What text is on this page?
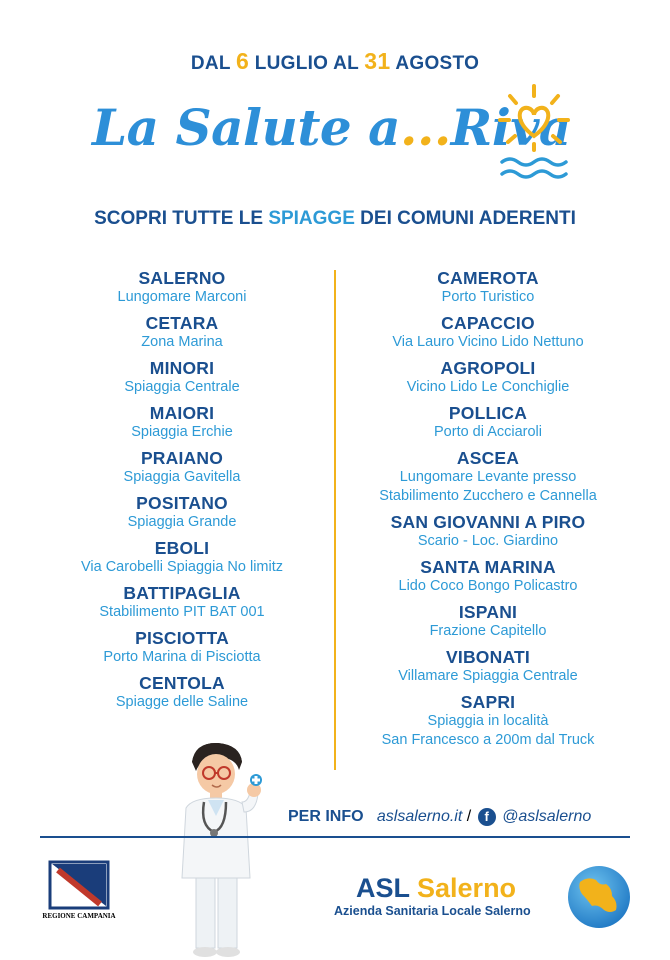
DAL 6 LUGLIO AL 31 AGOSTO
La Salute a...Riva
SCOPRI TUTTE LE SPIAGGE DEI COMUNI ADERENTI
SALERNO
Lungomare Marconi
CETARA
Zona Marina
MINORI
Spiaggia Centrale
MAIORI
Spiaggia Erchie
PRAIANO
Spiaggia Gavitella
POSITANO
Spiaggia Grande
EBOLI
Via Carobelli Spiaggia No limitz
BATTIPAGLIA
Stabilimento PIT BAT 001
PISCIOTTA
Porto Marina di Pisciotta
CENTOLA
Spiagge delle Saline
CAMEROTA
Porto Turistico
CAPACCIO
Via Lauro Vicino Lido Nettuno
AGROPOLI
Vicino Lido Le Conchiglie
POLLICA
Porto di Acciaroli
ASCEA
Lungomare Levante presso
Stabilimento Zucchero e Cannella
SAN GIOVANNI A PIRO
Scario - Loc. Giardino
SANTA MARINA
Lido Coco Bongo Policastro
ISPANI
Frazione Capitello
VIBONATI
Villamare Spiaggia Centrale
SAPRI
Spiaggia in località
San Francesco a 200m dal Truck
PER INFO aslsalerno.it / f @aslsalerno
REGIONE CAMPANIA
ASL Salerno
Azienda Sanitaria Locale Salerno
